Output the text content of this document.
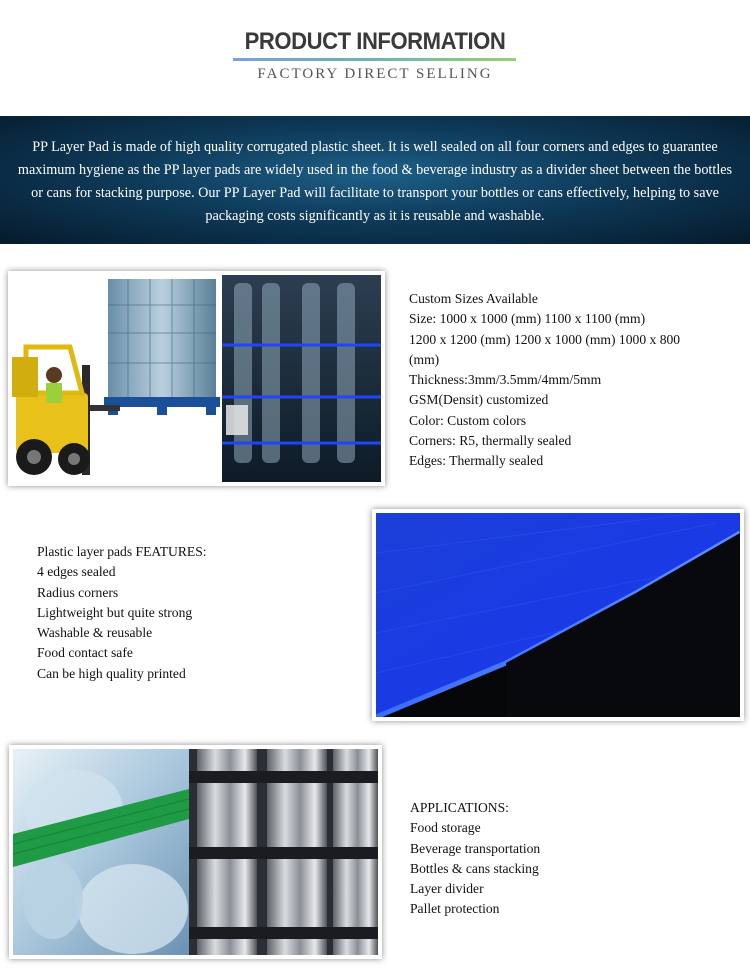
PRODUCT INFORMATION
FACTORY DIRECT SELLING
PP Layer Pad is made of high quality corrugated plastic sheet. It is well sealed on all four corners and edges to guarantee maximum hygiene as the PP layer pads are widely used in the food & beverage industry as a divider sheet between the bottles or cans for stacking purpose. Our PP Layer Pad will facilitate to transport your bottles or cans effectively, helping to save packaging costs significantly as it is reusable and washable.
Custom Sizes Available
Size: 1000 x 1000 (mm) 1100 x 1100 (mm)
1200 x 1200 (mm) 1200 x 1000 (mm) 1000 x 800 (mm)
Thickness:3mm/3.5mm/4mm/5mm
GSM(Densit) customized
Color: Custom colors
Corners: R5, thermally sealed
Edges: Thermally sealed
Plastic layer pads FEATURES:
4 edges sealed
Radius corners
Lightweight but quite strong
Washable & reusable
Food contact safe
Can be high quality printed
APPLICATIONS:
Food storage
Beverage transportation
Bottles & cans stacking
Layer divider
Pallet protection
